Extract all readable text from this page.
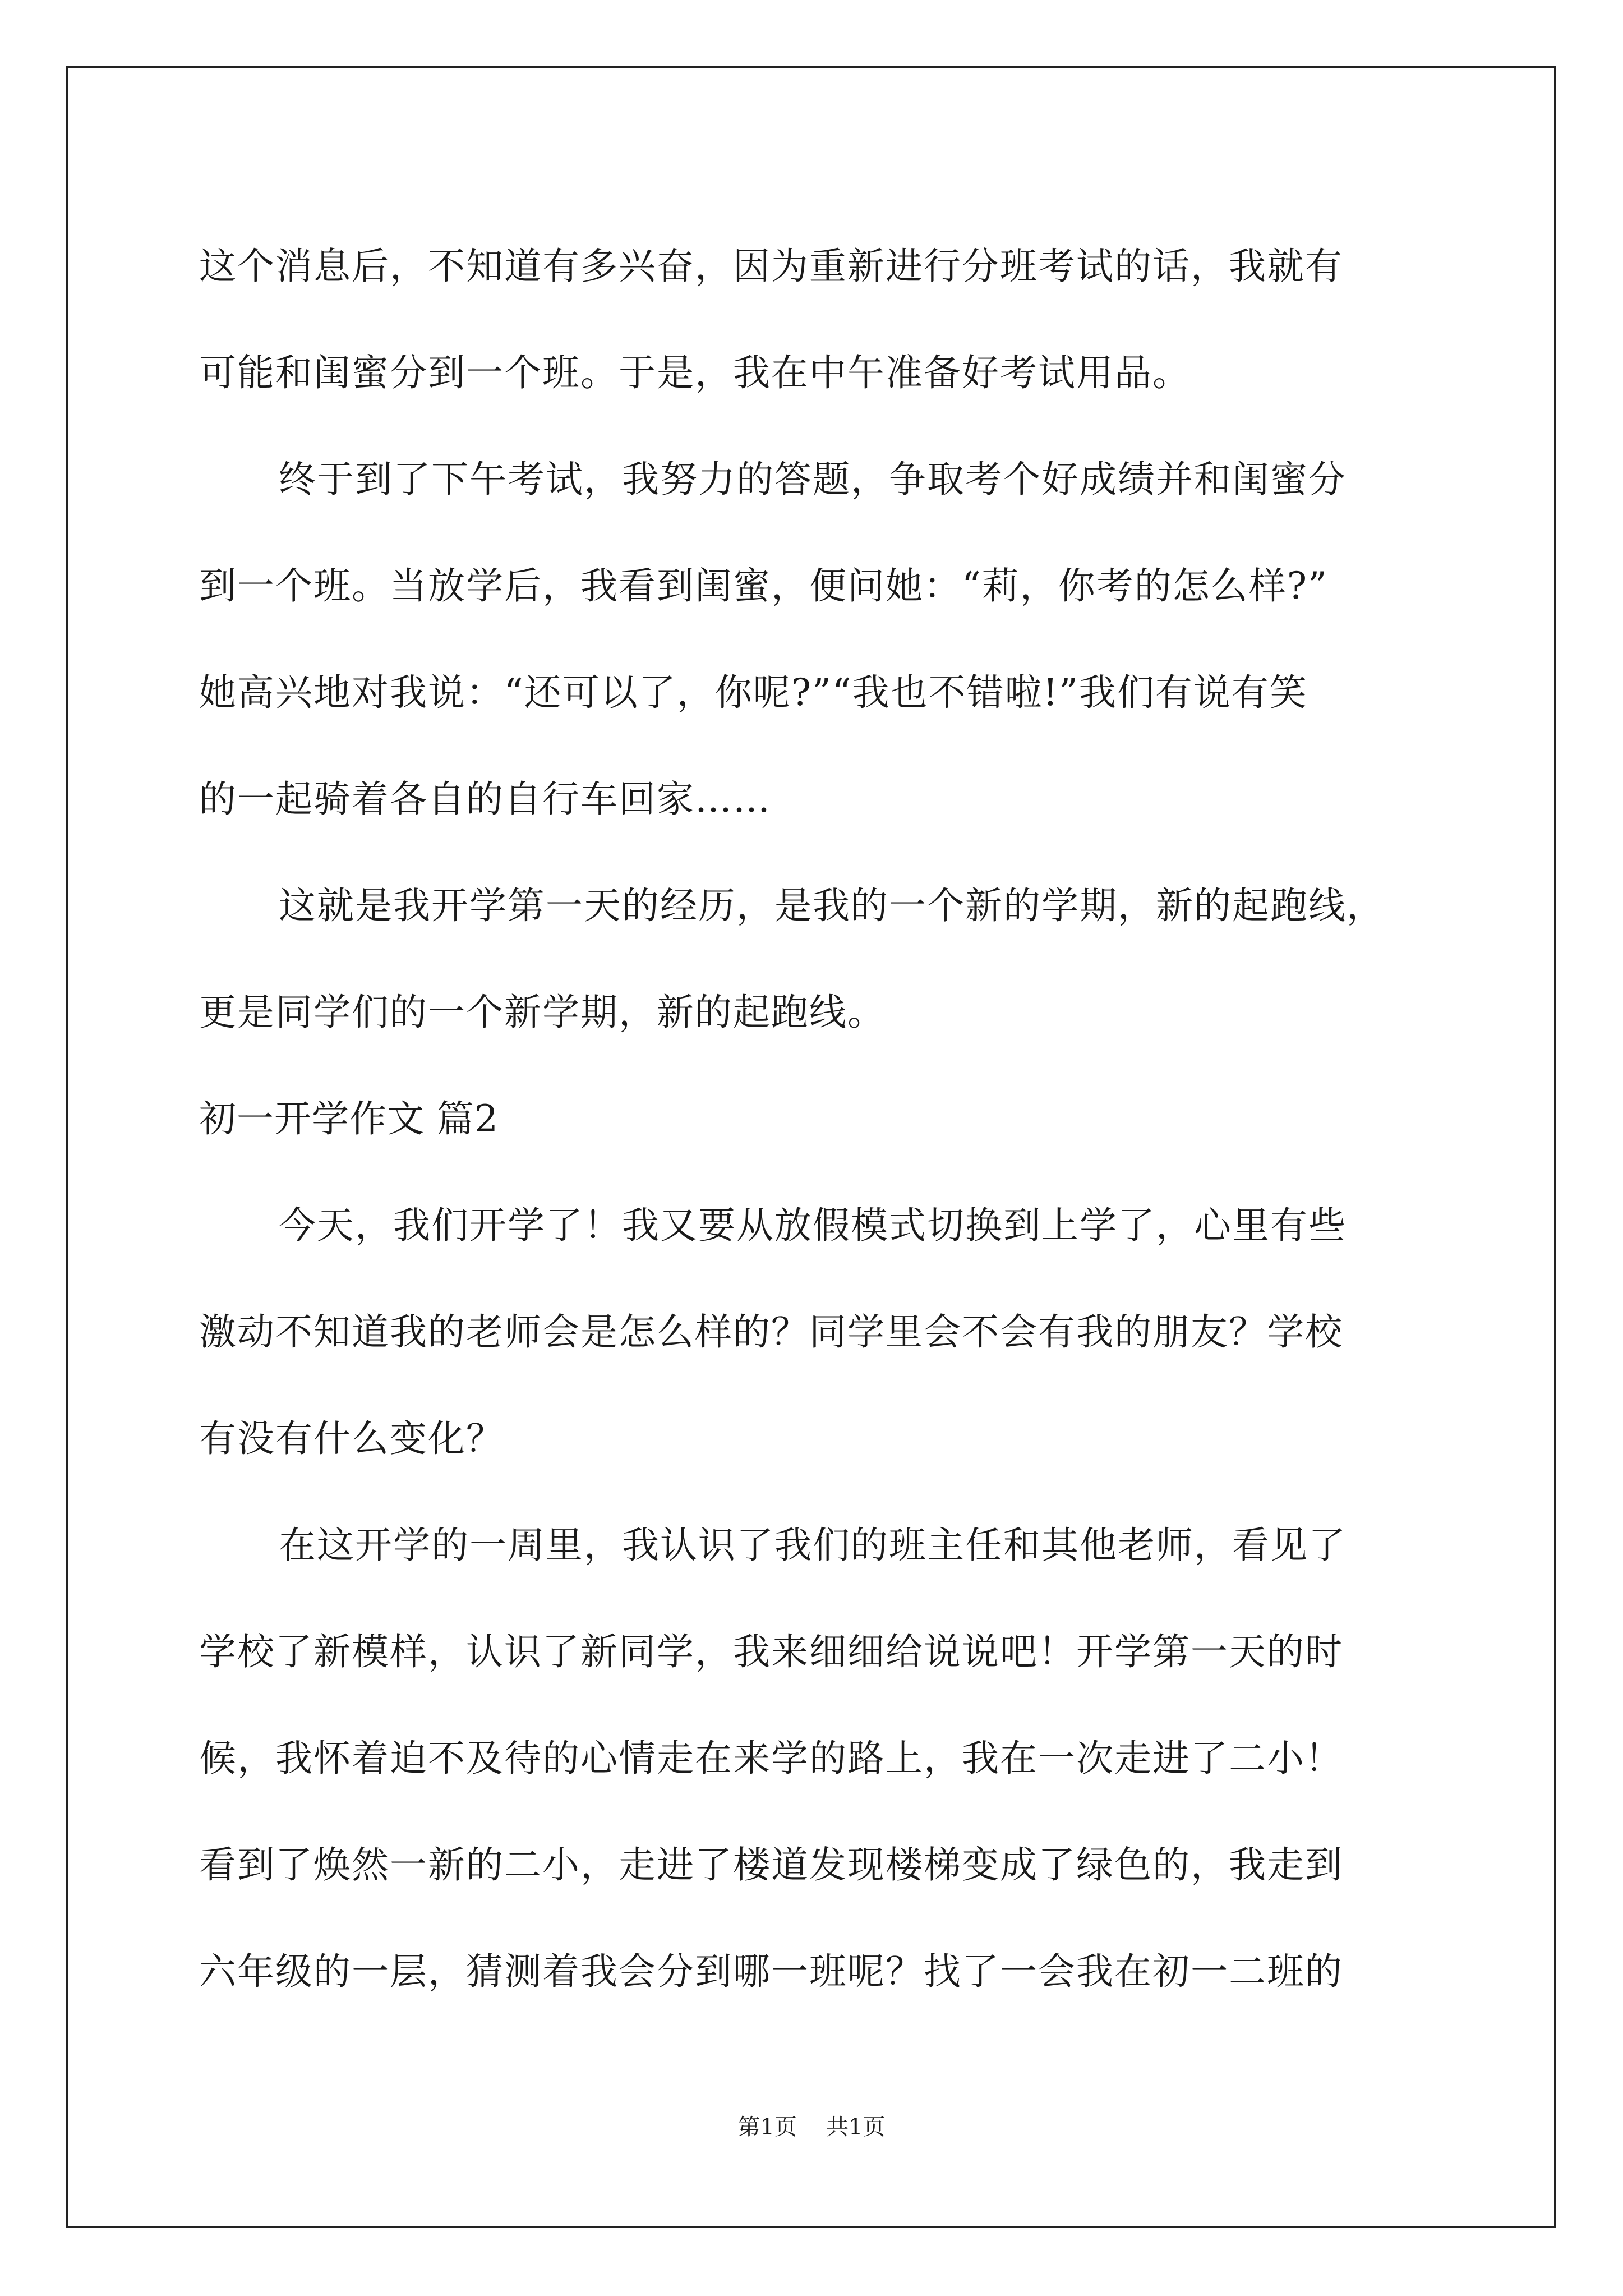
这个消息后，不知道有多兴奋，因为重新进行分班考试的话，我就有
可能和闺蜜分到一个班。于是，我在中午准备好考试用品。
终于到了下午考试，我努力的答题，争取考个好成绩并和闺蜜分
到一个班。当放学后，我看到闺蜜，便问她：“莉，你考的怎么样?”
她高兴地对我说：“还可以了，你呢?”“我也不错啦!”我们有说有笑
的一起骑着各自的自行车回家……
这就是我开学第一天的经历，是我的一个新的学期，新的起跑线，
更是同学们的一个新学期，新的起跑线。
初一开学作文 篇2
今天，我们开学了！我又要从放假模式切换到上学了，心里有些
激动不知道我的老师会是怎么样的？同学里会不会有我的朋友？学校
有没有什么变化？
在这开学的一周里，我认识了我们的班主任和其他老师，看见了
学校了新模样，认识了新同学，我来细细给说说吧！开学第一天的时
候，我怀着迫不及待的心情走在来学的路上，我在一次走进了二小！
看到了焕然一新的二小，走进了楼道发现楼梯变成了绿色的，我走到
六年级的一层，猜测着我会分到哪一班呢？找了一会我在初一二班的
第1页 共1页
